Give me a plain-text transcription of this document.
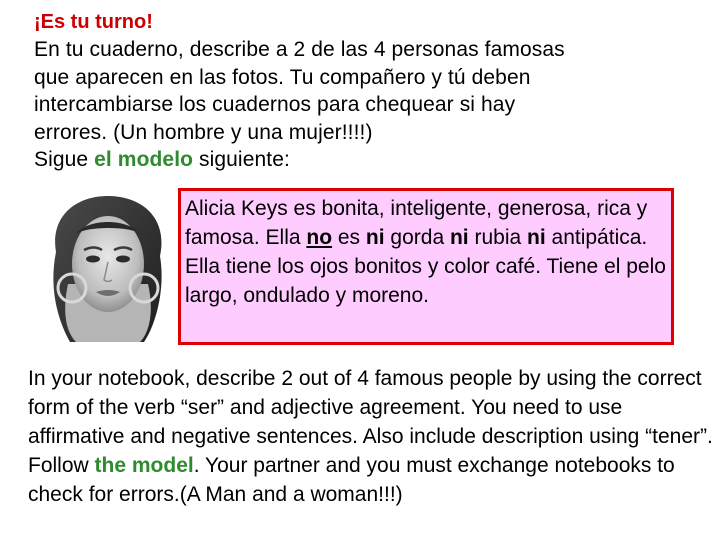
¡Es tu turno!
En tu cuaderno, describe a 2 de las 4 personas famosas
que aparecen en las fotos. Tu compañero y tú deben
intercambiarse los cuadernos para chequear si hay
errores. (Un hombre y una mujer!!!!)
Sigue el modelo siguiente:
Alicia Keys es bonita, inteligente, generosa, rica y famosa. Ella no es ni gorda ni rubia ni antipática. Ella tiene los ojos bonitos y color café. Tiene el pelo largo, ondulado y moreno.
In your notebook, describe 2 out of 4 famous people by using the correct form of the verb “ser” and adjective agreement. You need to use affirmative and negative sentences. Also include description using “tener”. Follow the model. Your partner and you must exchange notebooks to check for errors.(A Man and a woman!!!)
